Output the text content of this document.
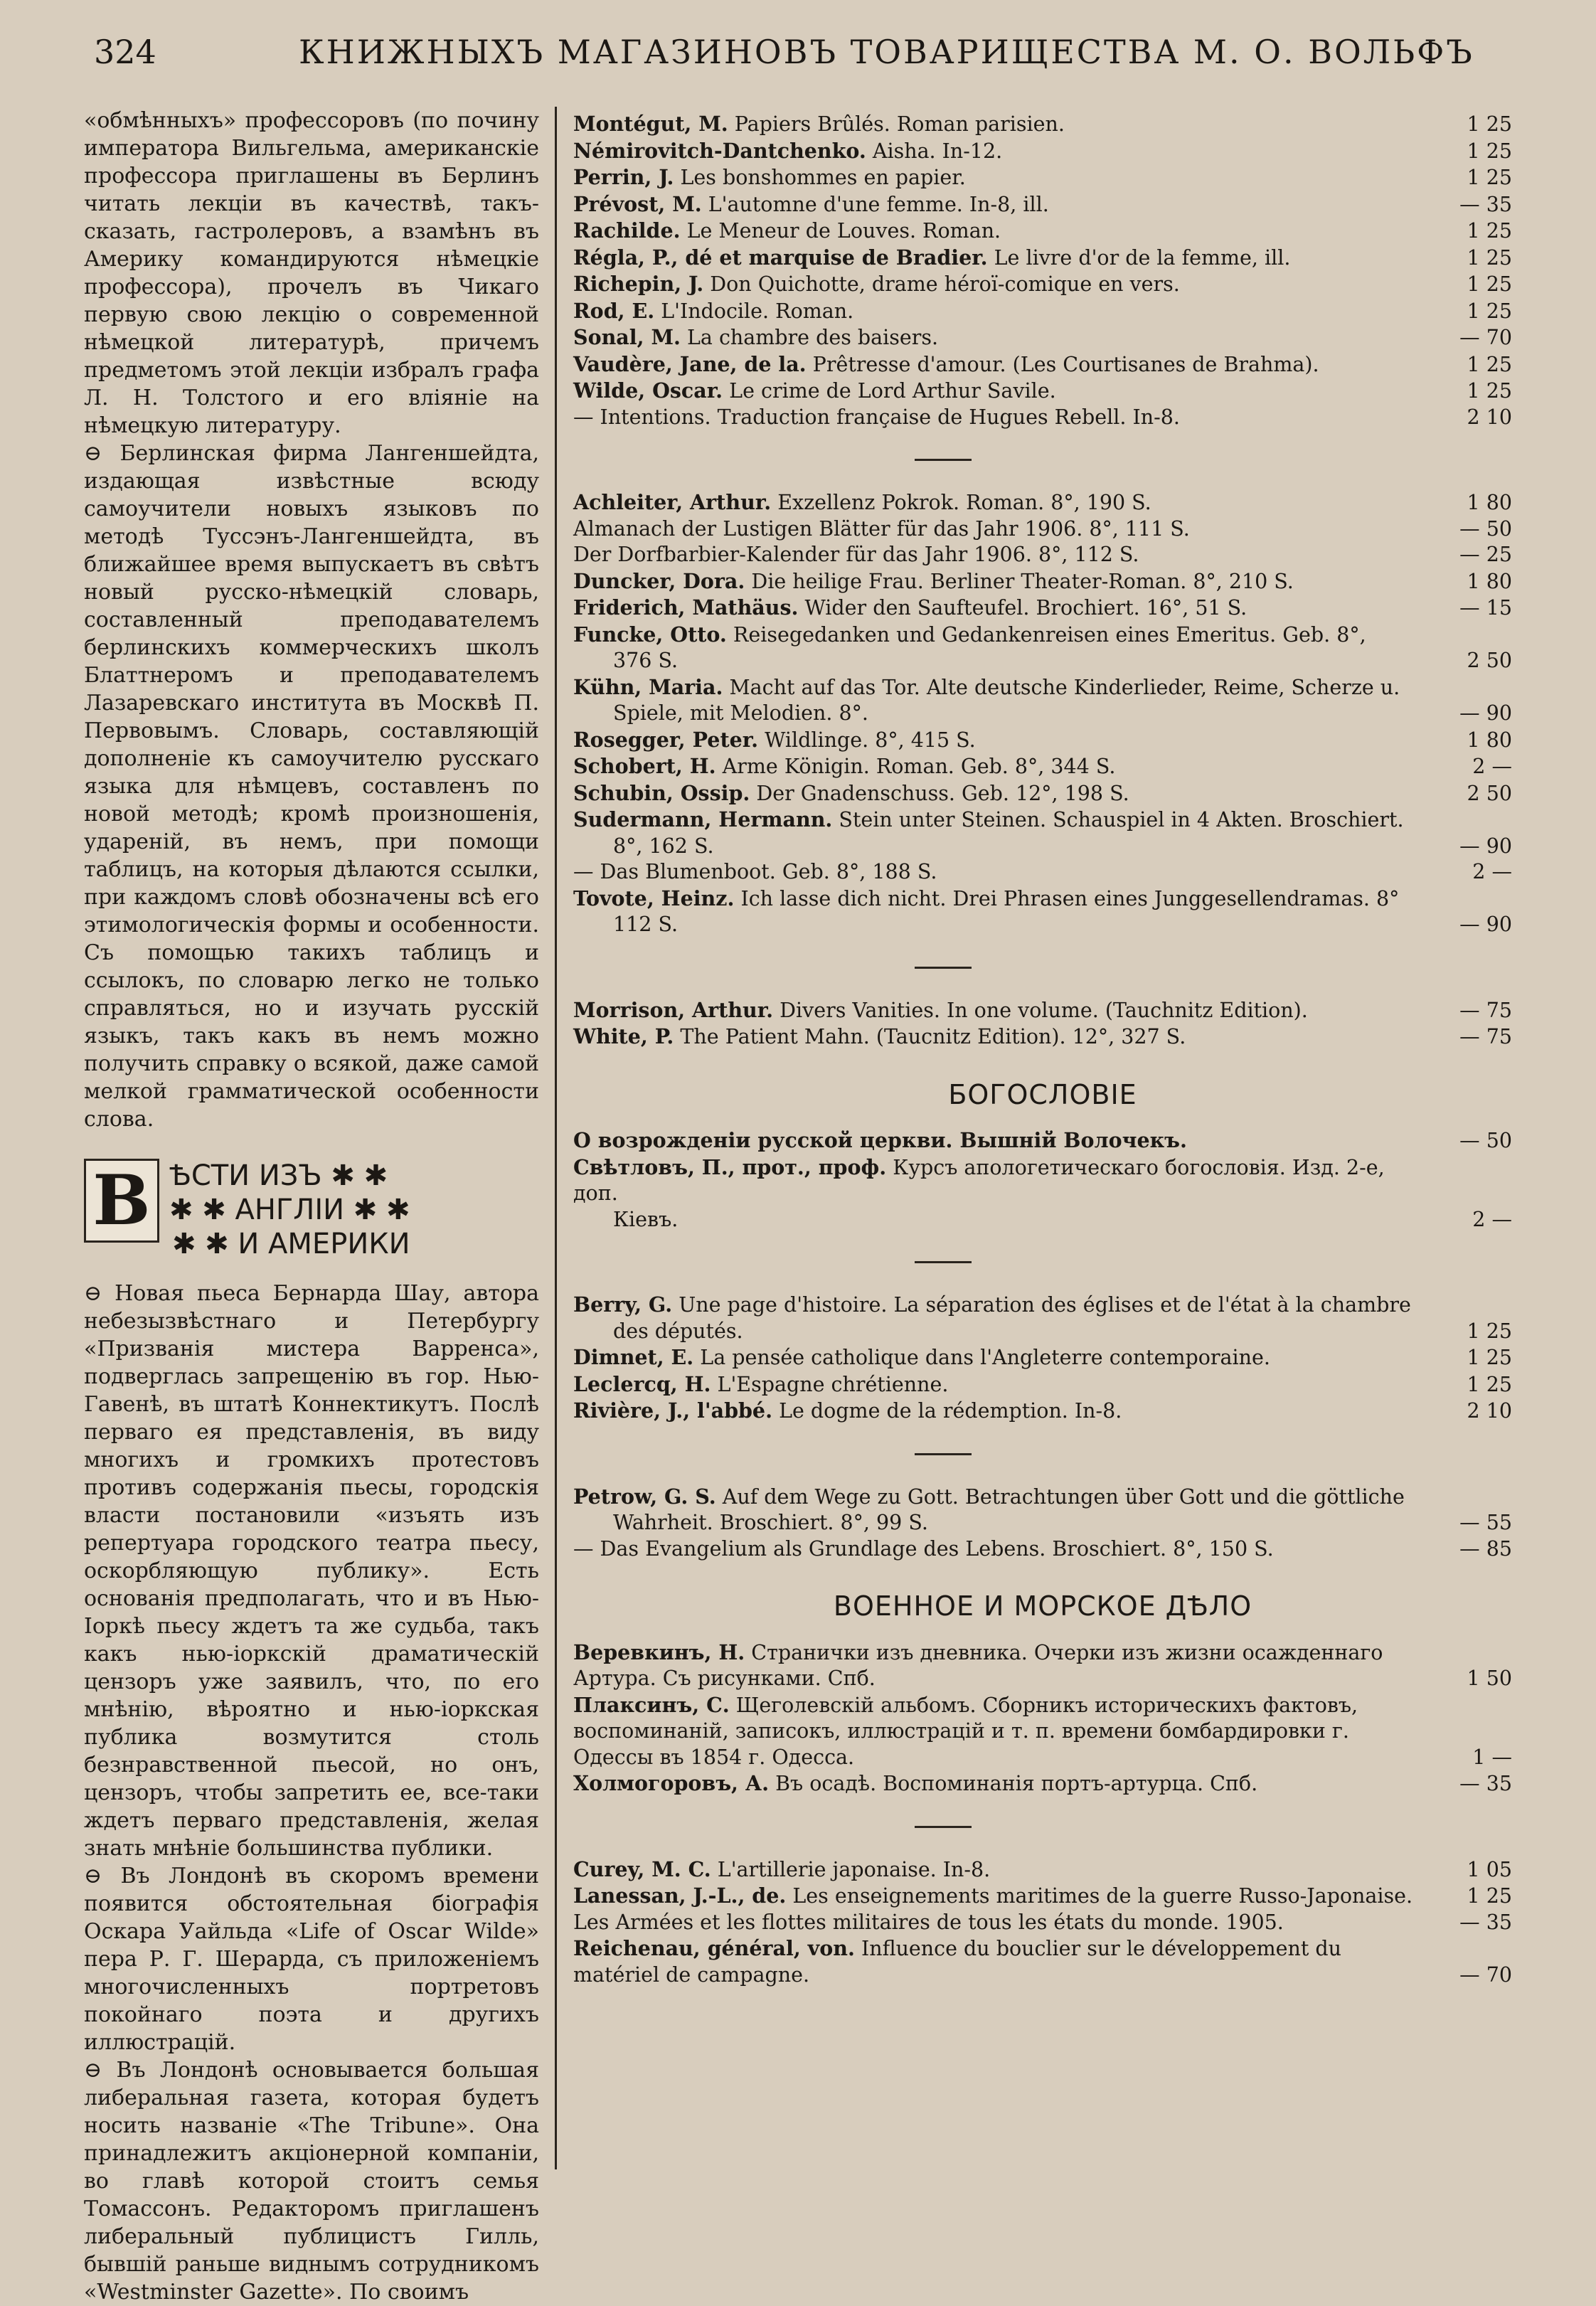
324	КНИЖНЫХЪ МАГАЗИНОВЪ ТОВАРИЩЕСТВА М. О. ВОЛЬФЪ

«обмѣнныхъ» профессоровъ (по почину императора Вильгельма, американскіе профессора приглашены въ Берлинъ читать лекціи въ качествѣ, такъ-сказать, гастролеровъ, а взамѣнъ въ Америку командируются нѣмецкіе профессора), прочелъ въ Чикаго первую свою лекцію о современной нѣмецкой литературѣ, причемъ предметомъ этой лекціи избралъ графа Л. Н. Толстого и его вліяніе на нѣмецкую литературу.

⊖ Берлинская фирма Лангеншейдта, издающая извѣстные всюду самоучители новыхъ языковъ по методѣ Туссэнъ-Лангеншейдта, въ ближайшее время выпускаетъ въ свѣтъ новый русско-нѣмецкій словарь, составленный преподавателемъ берлинскихъ коммерческихъ школъ Блаттнеромъ и преподавателемъ Лазаревскаго института въ Москвѣ П. Первовымъ. Словарь, составляющій дополненіе къ самоучителю русскаго языка для нѣмцевъ, составленъ по новой методѣ; кромѣ произношенія, удареній, въ немъ, при помощи таблицъ, на которыя дѣлаются ссылки, при каждомъ словѣ обозначены всѣ его этимологическія формы и особенности. Съ помощью такихъ таблицъ и ссылокъ, по словарю легко не только справляться, но и изучать русскій языкъ, такъ какъ въ немъ можно получить справку о всякой, даже самой мелкой грамматической особенности слова.

В ѢСТИ ИЗЪ ✱ ✱
✱ ✱ АНГЛІИ ✱ ✱
✱ ✱ И АМЕРИКИ

⊖ Новая пьеса Бернарда Шау, автора небезызвѣстнаго и Петербургу «Призванія мистера Варренса», подверглась запрещенію въ гор. Нью-Гавенѣ, въ штатѣ Коннектикутъ. Послѣ перваго ея представленія, въ виду многихъ и громкихъ протестовъ противъ содержанія пьесы, городскія власти постановили «изъять изъ репертуара городского театра пьесу, оскорбляющую публику». Есть основанія предполагать, что и въ Нью-Іоркѣ пьесу ждетъ та же судьба, такъ какъ нью-іоркскій драматическій цензоръ уже заявилъ, что, по его мнѣнію, вѣроятно и нью-іоркская публика возмутится столь безнравственной пьесой, но онъ, цензоръ, чтобы запретить ее, все-таки ждетъ перваго представленія, желая знать мнѣніе большинства публики.

⊖ Въ Лондонѣ въ скоромъ времени появится обстоятельная біографія Оскара Уайльда «Life of Oscar Wilde» пера Р. Г. Шерарда, съ приложеніемъ многочисленныхъ портретовъ покойнаго поэта и другихъ иллюстрацій.

⊖ Въ Лондонѣ основывается большая либеральная газета, которая будетъ носить названіе «The Tribune». Она принадлежитъ акціонерной компаніи, во главѣ которой стоитъ семья Томассонъ. Редакторомъ приглашенъ либеральный публицистъ Гилль, бывшій раньше виднымъ сотрудникомъ «Westminster Gazette». По своимъ

Montégut, M. Papiers Brûlés. Roman parisien.	1 25
Némirovitch-Dantchenko. Aisha. In-12.	1 25
Perrin, J. Les bonshommes en papier.	1 25
Prévost, M. L'automne d'une femme. In-8, ill.	— 35
Rachilde. Le Meneur de Louves. Roman.	1 25
Régla, P., dé et marquise de Bradier. Le livre d'or de la femme, ill.	1 25
Richepin, J. Don Quichotte, drame héroï-comique en vers.	1 25
Rod, E. L'Indocile. Roman.	1 25
Sonal, M. La chambre des baisers.	— 70
Vaudère, Jane, de la. Prêtresse d'amour. (Les Courtisanes de Brahma).	1 25
Wilde, Oscar. Le crime de Lord Arthur Savile.	1 25
— Intentions. Traduction française de Hugues Rebell. In-8.	2 10
Achleiter, Arthur. Exzellenz Pokrok. Roman. 8°, 190 S.	1 80
Almanach der Lustigen Blätter für das Jahr 1906. 8°, 111 S.	— 50
Der Dorfbarbier-Kalender für das Jahr 1906. 8°, 112 S.	— 25
Duncker, Dora. Die heilige Frau. Berliner Theater-Roman. 8°, 210 S.	1 80
Friderich, Mathäus. Wider den Saufteufel. Brochiert. 16°, 51 S.	— 15
Funcke, Otto. Reisegedanken und Gedankenreisen eines Emeritus. Geb. 8°,
376 S.	2 50
Kühn, Maria. Macht auf das Tor. Alte deutsche Kinderlieder, Reime, Scherze u.
Spiele, mit Melodien. 8°.	— 90
Rosegger, Peter. Wildlinge. 8°, 415 S.	1 80
Schobert, H. Arme Königin. Roman. Geb. 8°, 344 S.	2 —
Schubin, Ossip. Der Gnadenschuss. Geb. 12°, 198 S.	2 50
Sudermann, Hermann. Stein unter Steinen. Schauspiel in 4 Akten. Broschiert.
8°, 162 S.	— 90
— Das Blumenboot. Geb. 8°, 188 S.	2 —
Tovote, Heinz. Ich lasse dich nicht. Drei Phrasen eines Junggesellendramas. 8°
112 S.	— 90
Morrison, Arthur. Divers Vanities. In one volume. (Tauchnitz Edition).	— 75
White, P. The Patient Mahn. (Taucnitz Edition). 12°, 327 S.	— 75
БОГОСЛОВІЕ
О возрожденіи русской церкви. Вышній Волочекъ.	— 50
Свѣтловъ, П., прот., проф. Курсъ апологетическаго богословія. Изд. 2-е, доп.
Кіевъ.	2 —
Berry, G. Une page d'histoire. La séparation des églises et de l'état à la chambre
des députés.	1 25
Dimnet, E. La pensée catholique dans l'Angleterre contemporaine.	1 25
Leclercq, H. L'Espagne chrétienne.	1 25
Rivière, J., l'abbé. Le dogme de la rédemption. In-8.	2 10
Petrow, G. S. Auf dem Wege zu Gott. Betrachtungen über Gott und die göttliche
Wahrheit. Broschiert. 8°, 99 S.	— 55
— Das Evangelium als Grundlage des Lebens. Broschiert. 8°, 150 S.	— 85
ВОЕННОЕ И МОРСКОЕ ДѢЛО
Веревкинъ, Н. Странички изъ дневника. Очерки изъ жизни осажденнаго Артура. Съ рисунками. Спб.	1 50
Плаксинъ, С. Щеголевскій альбомъ. Сборникъ историческихъ фактовъ, воспоминаній, записокъ, иллюстрацій и т. п. времени бомбардировки г. Одессы въ 1854 г. Одесса.	1 —
Холмогоровъ, А. Въ осадѣ. Воспоминанія портъ-артурца. Спб.	— 35
Curey, M. C. L'artillerie japonaise. In-8.	1 05
Lanessan, J.-L., de. Les enseignements maritimes de la guerre Russo-Japonaise.	1 25
Les Armées et les flottes militaires de tous les états du monde. 1905.	— 35
Reichenau, général, von. Influence du bouclier sur le développement du matériel de campagne.	— 70
